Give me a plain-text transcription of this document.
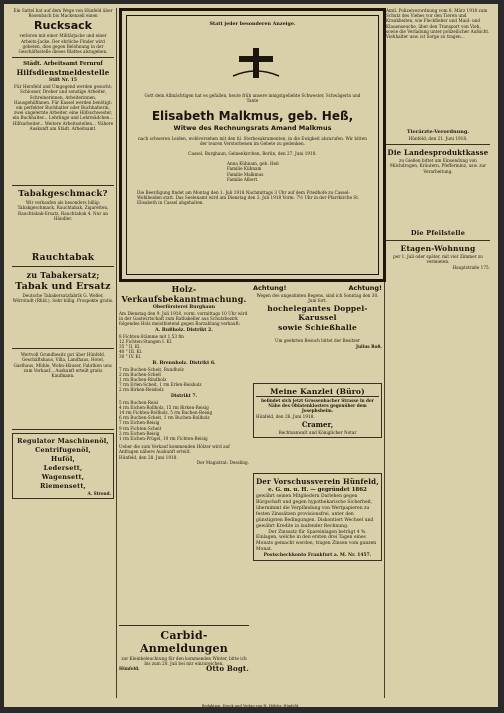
Ein Sattel hat auf dem Wege von Hünfeld über Rosenbach bis Mackenzell einen

Rucksack

verloren mit einer Militärjacke und einer Arbeits-Jacke. Der ehrliche Finder wird gebeten, dies gegen Belohnung in der Geschäftsstelle dieses Blattes abzugeben.

Städt. Arbeitsamt Fernruf

Hilfsdienstmeldestelle

Stift Nr. 15

Für Hersfeld und Umgegend werden gesucht: Schlosser, Dreher und sonstige Arbeiter, Schreinerinnen, Arbeiterinnen, Hausgehilfinnen. Für Kassel werden benötigt: ein perfekter Buchhalter oder Buchhalterin, zwei ungelernte Arbeiter, eine Hilfsschwester, ein Buchhalter... Lehrlinge und Lehrmädchen... Hilfsarbeiter... Weitere Arbeitsstellen... Nähere Auskunft am Städt. Arbeitsamt.

Tabakgeschmack?

Wir verkaufen als besonders billig: Tabakgeschmack, Rauchtabak, Zigaretten, Rauchtabak-Ersatz, Rauchtabak 4. Nur an Händler.

Rauchtabak

zu Tabakersatz;

Tabak und Ersatz

Deutsche Tabakersatzfabrik G. Weller, Wörrstadt (Rhld.). Sehr billig. Prospekte gratis.

Wertvoll Grundbesitz gut über Hünfeld. Geschäftshaus, Villa, Landhaus, Hotel, Gasthaus, Mühle, Wohn-Häuser, Fabriken usw. zum Verkauf... Auskunft erteilt gratis Kaufmann.

Regulator Maschinenöl,

Centrifugenöl,

Huföl,

Ledersett,

Wagensett,

Riemensett,

A. Stroud.

Statt jeder besonderen Anzeige.

Gott dem Allmächtigen hat es gefallen, heute früh unsere innigstgeliebte Schwester, Schwägerin und Tante

Elisabeth Malkmus, geb. Heß,

Witwe des Rechnungsrats Amand Malkmus

nach schweren Leiden, wohlversehen mit den hl. Sterbesakramenten, in die Ewigkeit abzurufen. Wir bitten der teuren Verstorbenen im Gebete zu gedenken.

Cassel, Burghaun, Gelnenkirchen, Berlin, den 27. Juni 1918.

Anna Kühnam, geb. Heß

Familie Kühnam

Familie Malkmus

Familie Albert.

Die Beerdigung findet am Montag den 1. Juli 1918 Nachmittags 3 Uhr auf dem Friedhofe zu Cassel-Wehlheiden statt. Das Seelenamt wird am Dienstag den 2. Juli 1918 Vorm. 7½ Uhr in der Pfarrkirche St. Elisabeth in Cassel abgehalten.

Holz-Verkaufsbekanntmachung.

Oberförsterei Burghaun

Am Dienstag den 9. Juli 1918, vorm. vormittags 10 Uhr wird in der Gastwirtschaft zum Rathskeller aus Schutzbezirk folgendes Holz meistbietend gegen Barzahlung verkauft:

A. Rußholz. Distrikt 2.

8 Fichten-Stämme mit 1,53 fm

12 Fichten-Stangen I. Kl.

35 " II. Kl.

40 " III. Kl.

30 " IV. Kl.

B. Brennholz. Distrikt 6.

7 rm Buchen-Scheit, Rundholz

2 rm Buchen-Scheit

1 rm Buchen-Rindholz

7 rm Erlen-Scheit, 1 rm Erlen-Reisholz

2 rm Birken-Reisholz

Distrikt 7.

5 rm Buchen-Reisi

4 rm Eichen-Rollholz, 15 rm Birken-Reisig

14 rm Fichten-Rollholz, 5 rm Buchen-Reisig

6 rm Buchen-Scheit, 1 rm Buchen-Rollholz

7 rm Eichen-Reisig

9 rm Fichten-Scheit

2 rm Eichen-Reisig

1 rm Eichen-Prügel, 10 rm Fichten-Reisig

Ueber die zum Verkauf kommenden Hölzer wird auf Anfragen nähere Auskunft erteilt.

Hünfeld, den 28. Juni 1918.

Der Magistrat: Dessling.

Carbid-Anmeldungen

zur Kleinbeleuchtung für den kommenden Winter, bitte ich bis zum 20. Juli bei mir einzureichen.

Hünfeld.	Otto Bogt.

Achtung!	Achtung!

Wegen des ungeahnten Regens, sind ich Sonntag den 30. Juni fort.

hochelegantes Doppel-Karussel

sowie Schießhalle

Um geehrten Besuch bittet der Besitzer

Julius Roß.

Meine Kanzlei (Büro)

befindet sich jetzt Grossenbacher Strasse in der Nähe des Oblatenklosters gegenüber dem Josephsheim.

Hünfeld, den 26. Juni 1918.

Cramer,

Rechtsanwalt und Königlicher Notar

Der Vorschussverein Hünfeld,

e. G. m. u. H. — gegründet 1862

gewährt seinen Mitgliedern Darlehen gegen Bürgschaft und gegen hypothekarische Sicherheit, übernimmt die Verpfändung von Wertpapieren zu festen Zinssätzen provisionsfrei, unter den günstigsten Bedingungen. Diskontiert Wechsel und gewährt Kredite in laufender Rechnung.

Der Zinssatz für Spareinlagen beträgt 4 %.

Einlagen, welche in den ersten drei Tagen eines Monats gemacht werden, tragen Zinsen vom ganzen Monat.

Postscheckkonto Frankfurt a. M. Nr. 1457.

Amtl. Polizeiverordnung vom 8. März 1918 zum Schutz des Viehes vor den Tieren und Krankheiten, wie Fleckfieber und Maul- und Klauenseuche, über den Transport von Vieh, sowie die Verladung unter polizeilicher Aufsicht. Viehhalter usw. ist Sorge zu tragen...

Tierärzte-Verordnung.

Hünfeld, den 21. Juni 1918.

Die Landesproduktkasse

zu Gießen bittet um Einsendung von Milchdrogen, Kräutern, Pfefferminz, usw. zur Verarbeitung.

Die Pfeilstelle

Etagen-Wohnung

per 1. Juli oder später, mit vier Zimmer zu vermieten.

Hauptstraße 175.

Redaktion, Druck und Verlag von H. Höhler, Hünfeld.
